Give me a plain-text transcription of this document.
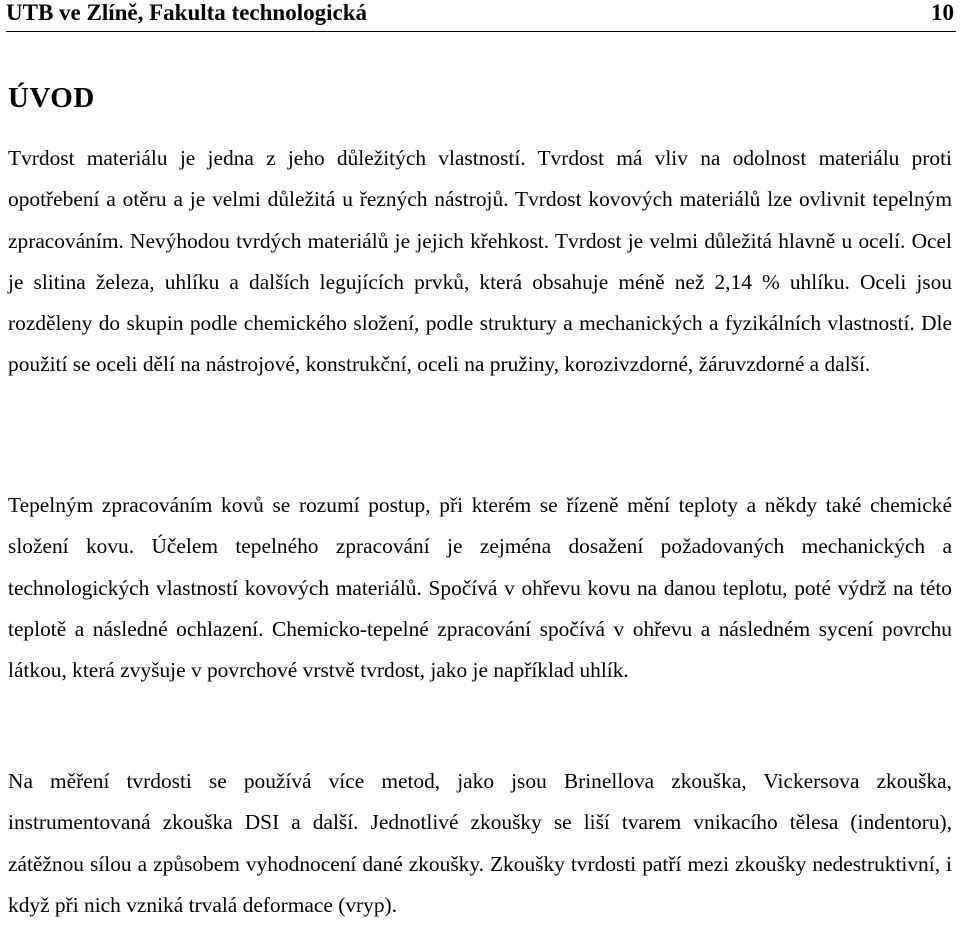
UTB ve Zlíně, Fakulta technologická	10
ÚVOD

Tvrdost materiálu je jedna z jeho důležitých vlastností. Tvrdost má vliv na odolnost materiálu proti opotřebení a otěru a je velmi důležitá u řezných nástrojů. Tvrdost kovových materiálů lze ovlivnit tepelným zpracováním. Nevýhodou tvrdých materiálů je jejich křehkost. Tvrdost je velmi důležitá hlavně u ocelí. Ocel je slitina železa, uhlíku a dalších legujících prvků, která obsahuje méně než 2,14 % uhlíku. Oceli jsou rozděleny do skupin podle chemického složení, podle struktury a mechanických a fyzikálních vlastností. Dle použití se oceli dělí na nástrojové, konstrukční, oceli na pružiny, korozivzdorné, žáruvzdorné a další.

Tepelným zpracováním kovů se rozumí postup, při kterém se řízeně mění teploty a někdy také chemické složení kovu. Účelem tepelného zpracování je zejména dosažení požadovaných mechanických a technologických vlastností kovových materiálů. Spočívá v ohřevu kovu na danou teplotu, poté výdrž na této teplotě a následné ochlazení. Chemicko-tepelné zpracování spočívá v ohřevu a následném sycení povrchu látkou, která zvyšuje v povrchové vrstvě tvrdost, jako je například uhlík.

Na měření tvrdosti se používá více metod, jako jsou Brinellova zkouška, Vickersova zkouška, instrumentovaná zkouška DSI a další. Jednotlivé zkoušky se liší tvarem vnikacího tělesa (indentoru), zátěžnou sílou a způsobem vyhodnocení dané zkoušky. Zkoušky tvrdosti patří mezi zkoušky nedestruktivní, i když při nich vzniká trvalá deformace (vryp).
